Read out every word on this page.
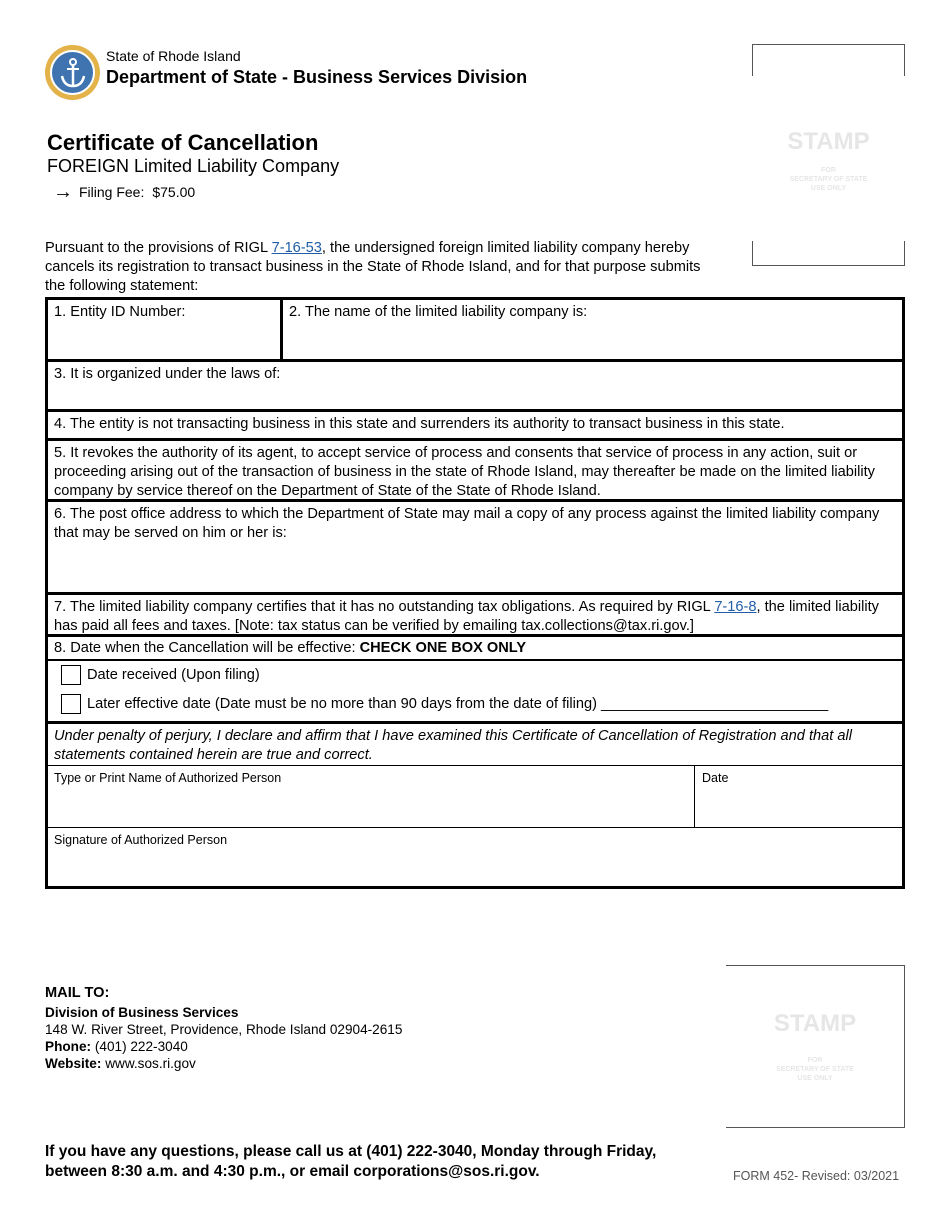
State of Rhode Island
Department of State - Business Services Division
Certificate of Cancellation
FOREIGN Limited Liability Company
→ Filing Fee: $75.00
STAMP
FOR
SECRETARY OF STATE
USE ONLY
Pursuant to the provisions of RIGL 7-16-53, the undersigned foreign limited liability company hereby cancels its registration to transact business in the State of Rhode Island, and for that purpose submits the following statement:
1. Entity ID Number:	2. The name of the limited liability company is:
3. It is organized under the laws of:
4. The entity is not transacting business in this state and surrenders its authority to transact business in this state.
5. It revokes the authority of its agent, to accept service of process and consents that service of process in any action, suit or proceeding arising out of the transaction of business in the state of Rhode Island, may thereafter be made on the limited liability company by service thereof on the Department of State of the State of Rhode Island.
6. The post office address to which the Department of State may mail a copy of any process against the limited liability company that may be served on him or her is:
7. The limited liability company certifies that it has no outstanding tax obligations. As required by RIGL 7-16-8, the limited liability has paid all fees and taxes. [Note: tax status can be verified by emailing tax.collections@tax.ri.gov.]
8. Date when the Cancellation will be effective: CHECK ONE BOX ONLY
Date received (Upon filing)
Later effective date (Date must be no more than 90 days from the date of filing) ____________________________
Under penalty of perjury, I declare and affirm that I have examined this Certificate of Cancellation of Registration and that all statements contained herein are true and correct.
Type or Print Name of Authorized Person	Date
Signature of Authorized Person
MAIL TO:
Division of Business Services
148 W. River Street, Providence, Rhode Island 02904-2615
Phone: (401) 222-3040
Website: www.sos.ri.gov
STAMP
FOR
SECRETARY OF STATE
USE ONLY
If you have any questions, please call us at (401) 222-3040, Monday through Friday,
between 8:30 a.m. and 4:30 p.m., or email corporations@sos.ri.gov.	FORM 452- Revised: 03/2021
